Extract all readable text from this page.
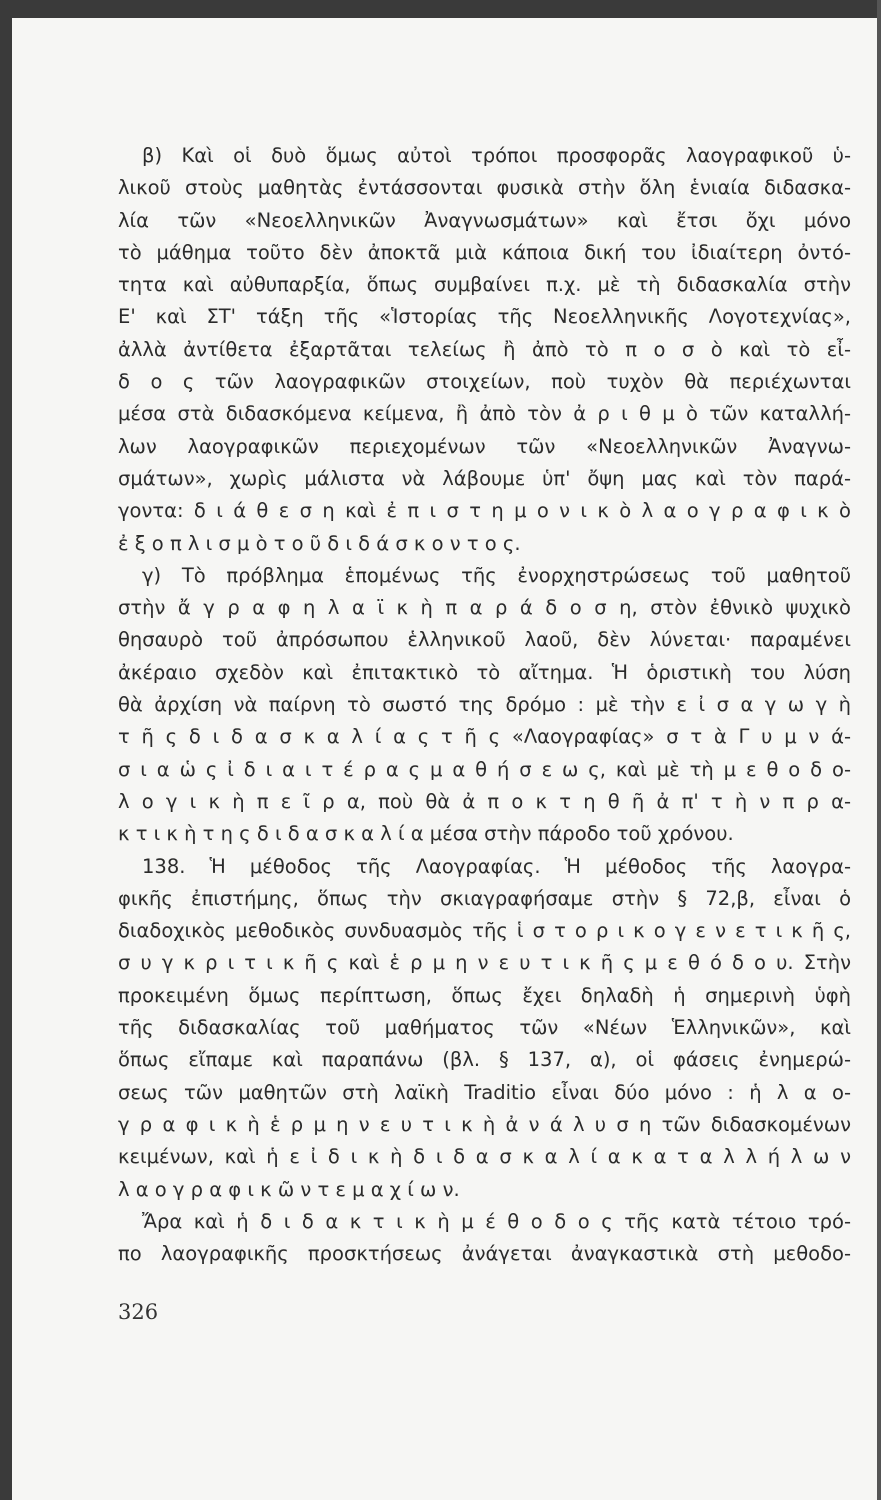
β) Καὶ οἱ δυὸ ὅμως αὐτοὶ τρόποι προσφορᾶς λαογραφικοῦ ὑ-
λικοῦ στοὺς μαθητὰς ἐντάσσονται φυσικὰ στὴν ὅλη ἑνιαία διδασκα-
λία τῶν «Νεοελληνικῶν Ἀναγνωσμάτων» καὶ ἔτσι ὄχι μόνο
τὸ μάθημα τοῦτο δὲν ἀποκτᾶ μιὰ κάποια δική του ἰδιαίτερη ὀντό-
τητα καὶ αὐθυπαρξία, ὅπως συμβαίνει π.χ. μὲ τὴ διδασκαλία στὴν
Ε' καὶ ΣΤ' τάξη τῆς «Ἱστορίας τῆς Νεοελληνικῆς Λογοτεχνίας»,
ἀλλὰ ἀντίθετα ἐξαρτᾶται τελείως ἢ ἀπὸ τὸ π ο σ ὸ καὶ τὸ εἶ-
δ ο ς τῶν λαογραφικῶν στοιχείων, ποὺ τυχὸν θὰ περιέχωνται
μέσα στὰ διδασκόμενα κείμενα, ἢ ἀπὸ τὸν ἀ ρ ι θ μ ὸ τῶν καταλλή-
λων λαογραφικῶν περιεχομένων τῶν «Νεοελληνικῶν Ἀναγνω-
σμάτων», χωρὶς μάλιστα νὰ λάβουμε ὑπ' ὄψη μας καὶ τὸν παρά-
γοντα: δ ι ά θ ε σ η καὶ ἐ π ι σ τ η μ ο ν ι κ ὸ λ α ο γ ρ α φ ι κ ὸ
ἐ ξ ο π λ ι σ μ ὸ τ ο ῦ δ ι δ ά σ κ ο ν τ ο ς.
γ) Τὸ πρόβλημα ἑπομένως τῆς ἐνορχηστρώσεως τοῦ μαθητοῦ
στὴν ἄ γ ρ α φ η λ α ϊ κ ὴ π α ρ ά δ ο σ η, στὸν ἐθνικὸ ψυχικὸ
θησαυρὸ τοῦ ἀπρόσωπου ἑλληνικοῦ λαοῦ, δὲν λύνεται· παραμένει
ἀκέραιο σχεδὸν καὶ ἐπιτακτικὸ τὸ αἴτημα. Ἡ ὁριστικὴ του λύση
θὰ ἀρχίση νὰ παίρνη τὸ σωστό της δρόμο : μὲ τὴν ε ἰ σ α γ ω γ ὴ
τ ῆ ς δ ι δ α σ κ α λ ί α ς τ ῆ ς «Λαογραφίας» σ τ ὰ Γ υ μ ν ά-
σ ι α ὡ ς ἰ δ ι α ι τ έ ρ α ς μ α θ ή σ ε ω ς, καὶ μὲ τὴ μ ε θ ο δ ο-
λ ο γ ι κ ὴ π ε ῖ ρ α, ποὺ θὰ ἀ π ο κ τ η θ ῆ ἀ π' τ ὴ ν π ρ α-
κ τ ι κ ὴ τ η ς δ ι δ α σ κ α λ ί α μέσα στὴν πάροδο τοῦ χρόνου.
138. Ἡ μέθοδος τῆς Λαογραφίας. Ἡ μέθοδος τῆς λαογρα-
φικῆς ἐπιστήμης, ὅπως τὴν σκιαγραφήσαμε στὴν § 72,β, εἶναι ὁ
διαδοχικὸς μεθοδικὸς συνδυασμὸς τῆς ἱ σ τ ο ρ ι κ ο γ ε ν ε τ ι κ ῆ ς,
σ υ γ κ ρ ι τ ι κ ῆ ς καὶ ἑ ρ μ η ν ε υ τ ι κ ῆ ς μ ε θ ό δ ο υ. Στὴν
προκειμένη ὅμως περίπτωση, ὅπως ἔχει δηλαδὴ ἡ σημερινὴ ὑφὴ
τῆς διδασκαλίας τοῦ μαθήματος τῶν «Νέων Ἑλληνικῶν», καὶ
ὅπως εἴπαμε καὶ παραπάνω (βλ. § 137, α), οἱ φάσεις ἐνημερώ-
σεως τῶν μαθητῶν στὴ λαϊκὴ Traditio εἶναι δύο μόνο : ἡ λ α ο-
γ ρ α φ ι κ ὴ ἑ ρ μ η ν ε υ τ ι κ ὴ ἀ ν ά λ υ σ η τῶν διδασκομένων
κειμένων, καὶ ἡ ε ἰ δ ι κ ὴ δ ι δ α σ κ α λ ί α κ α τ α λ λ ή λ ω ν
λ α ο γ ρ α φ ι κ ῶ ν τ ε μ α χ ί ω ν.
Ἄρα καὶ ἡ δ ι δ α κ τ ι κ ὴ μ έ θ ο δ ο ς τῆς κατὰ τέτοιο τρό-
πο λαογραφικῆς προσκτήσεως ἀνάγεται ἀναγκαστικὰ στὴ μεθοδο-
326
